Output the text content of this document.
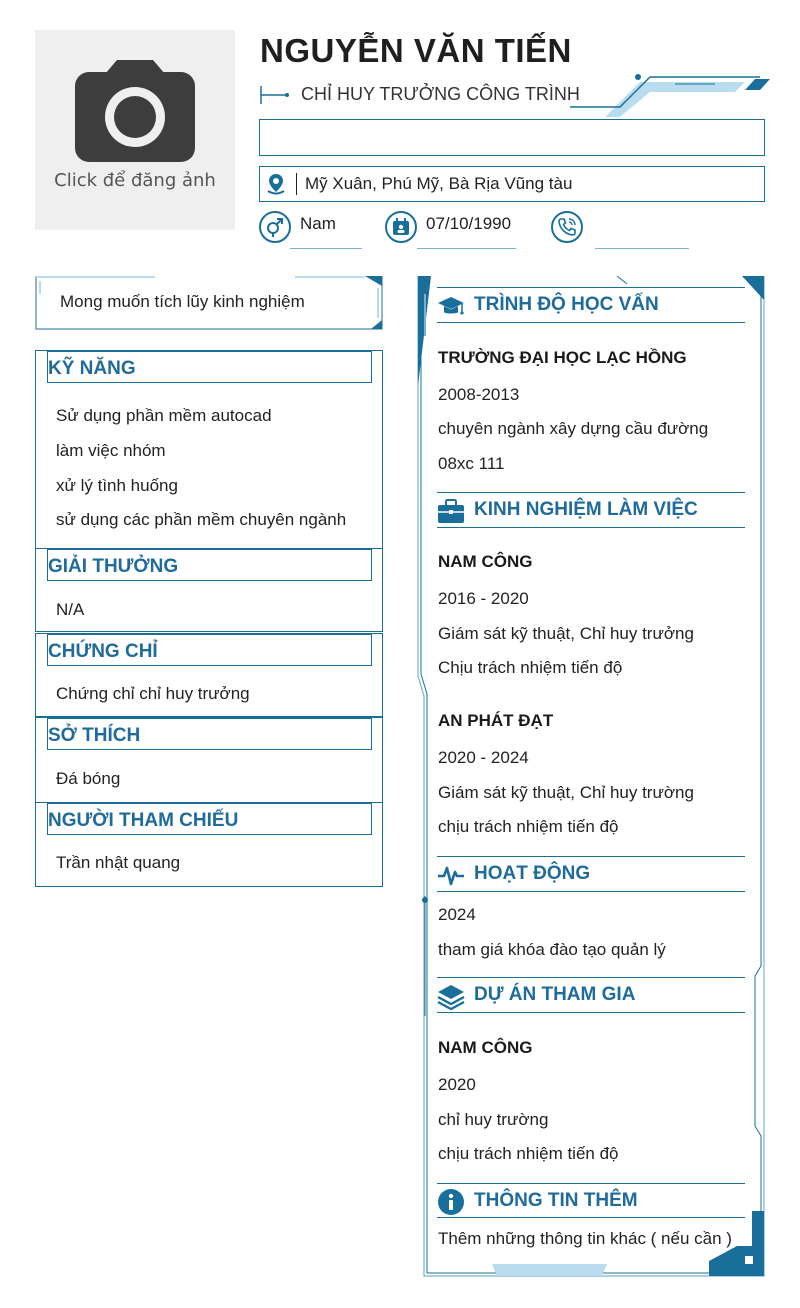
Click để đăng ảnh
NGUYỄN VĂN TIẾN
CHỈ HUY TRƯỞNG CÔNG TRÌNH
Mỹ Xuân, Phú Mỹ, Bà Rịa Vũng tàu
Nam	07/10/1990
Mong muốn tích lũy kinh nghiệm
KỸ NĂNG
Sử dụng phần mềm autocad
làm việc nhóm
xử lý tình huống
sử dụng các phần mềm chuyên ngành
GIẢI THƯỞNG
N/A
CHỨNG CHỈ
Chứng chỉ chỉ huy trưởng
SỞ THÍCH
Đá bóng
NGƯỜI THAM CHIẾU
Trần nhật quang
TRÌNH ĐỘ HỌC VẤN
TRƯỜNG ĐẠI HỌC LẠC HỒNG
2008-2013
chuyên ngành xây dựng cầu đường
08xc 111
KINH NGHIỆM LÀM VIỆC
NAM CÔNG
2016 - 2020
Giám sát kỹ thuật, Chỉ huy trưởng
Chịu trách nhiệm tiến độ
AN PHÁT ĐẠT
2020 - 2024
Giám sát kỹ thuật, Chỉ huy trường
chịu trách nhiệm tiến độ
HOẠT ĐỘNG
2024
tham giá khóa đào tạo quản lý
DỰ ÁN THAM GIA
NAM CÔNG
2020
chỉ huy trường
chịu trách nhiệm tiến độ
THÔNG TIN THÊM
Thêm những thông tin khác ( nếu cần )
